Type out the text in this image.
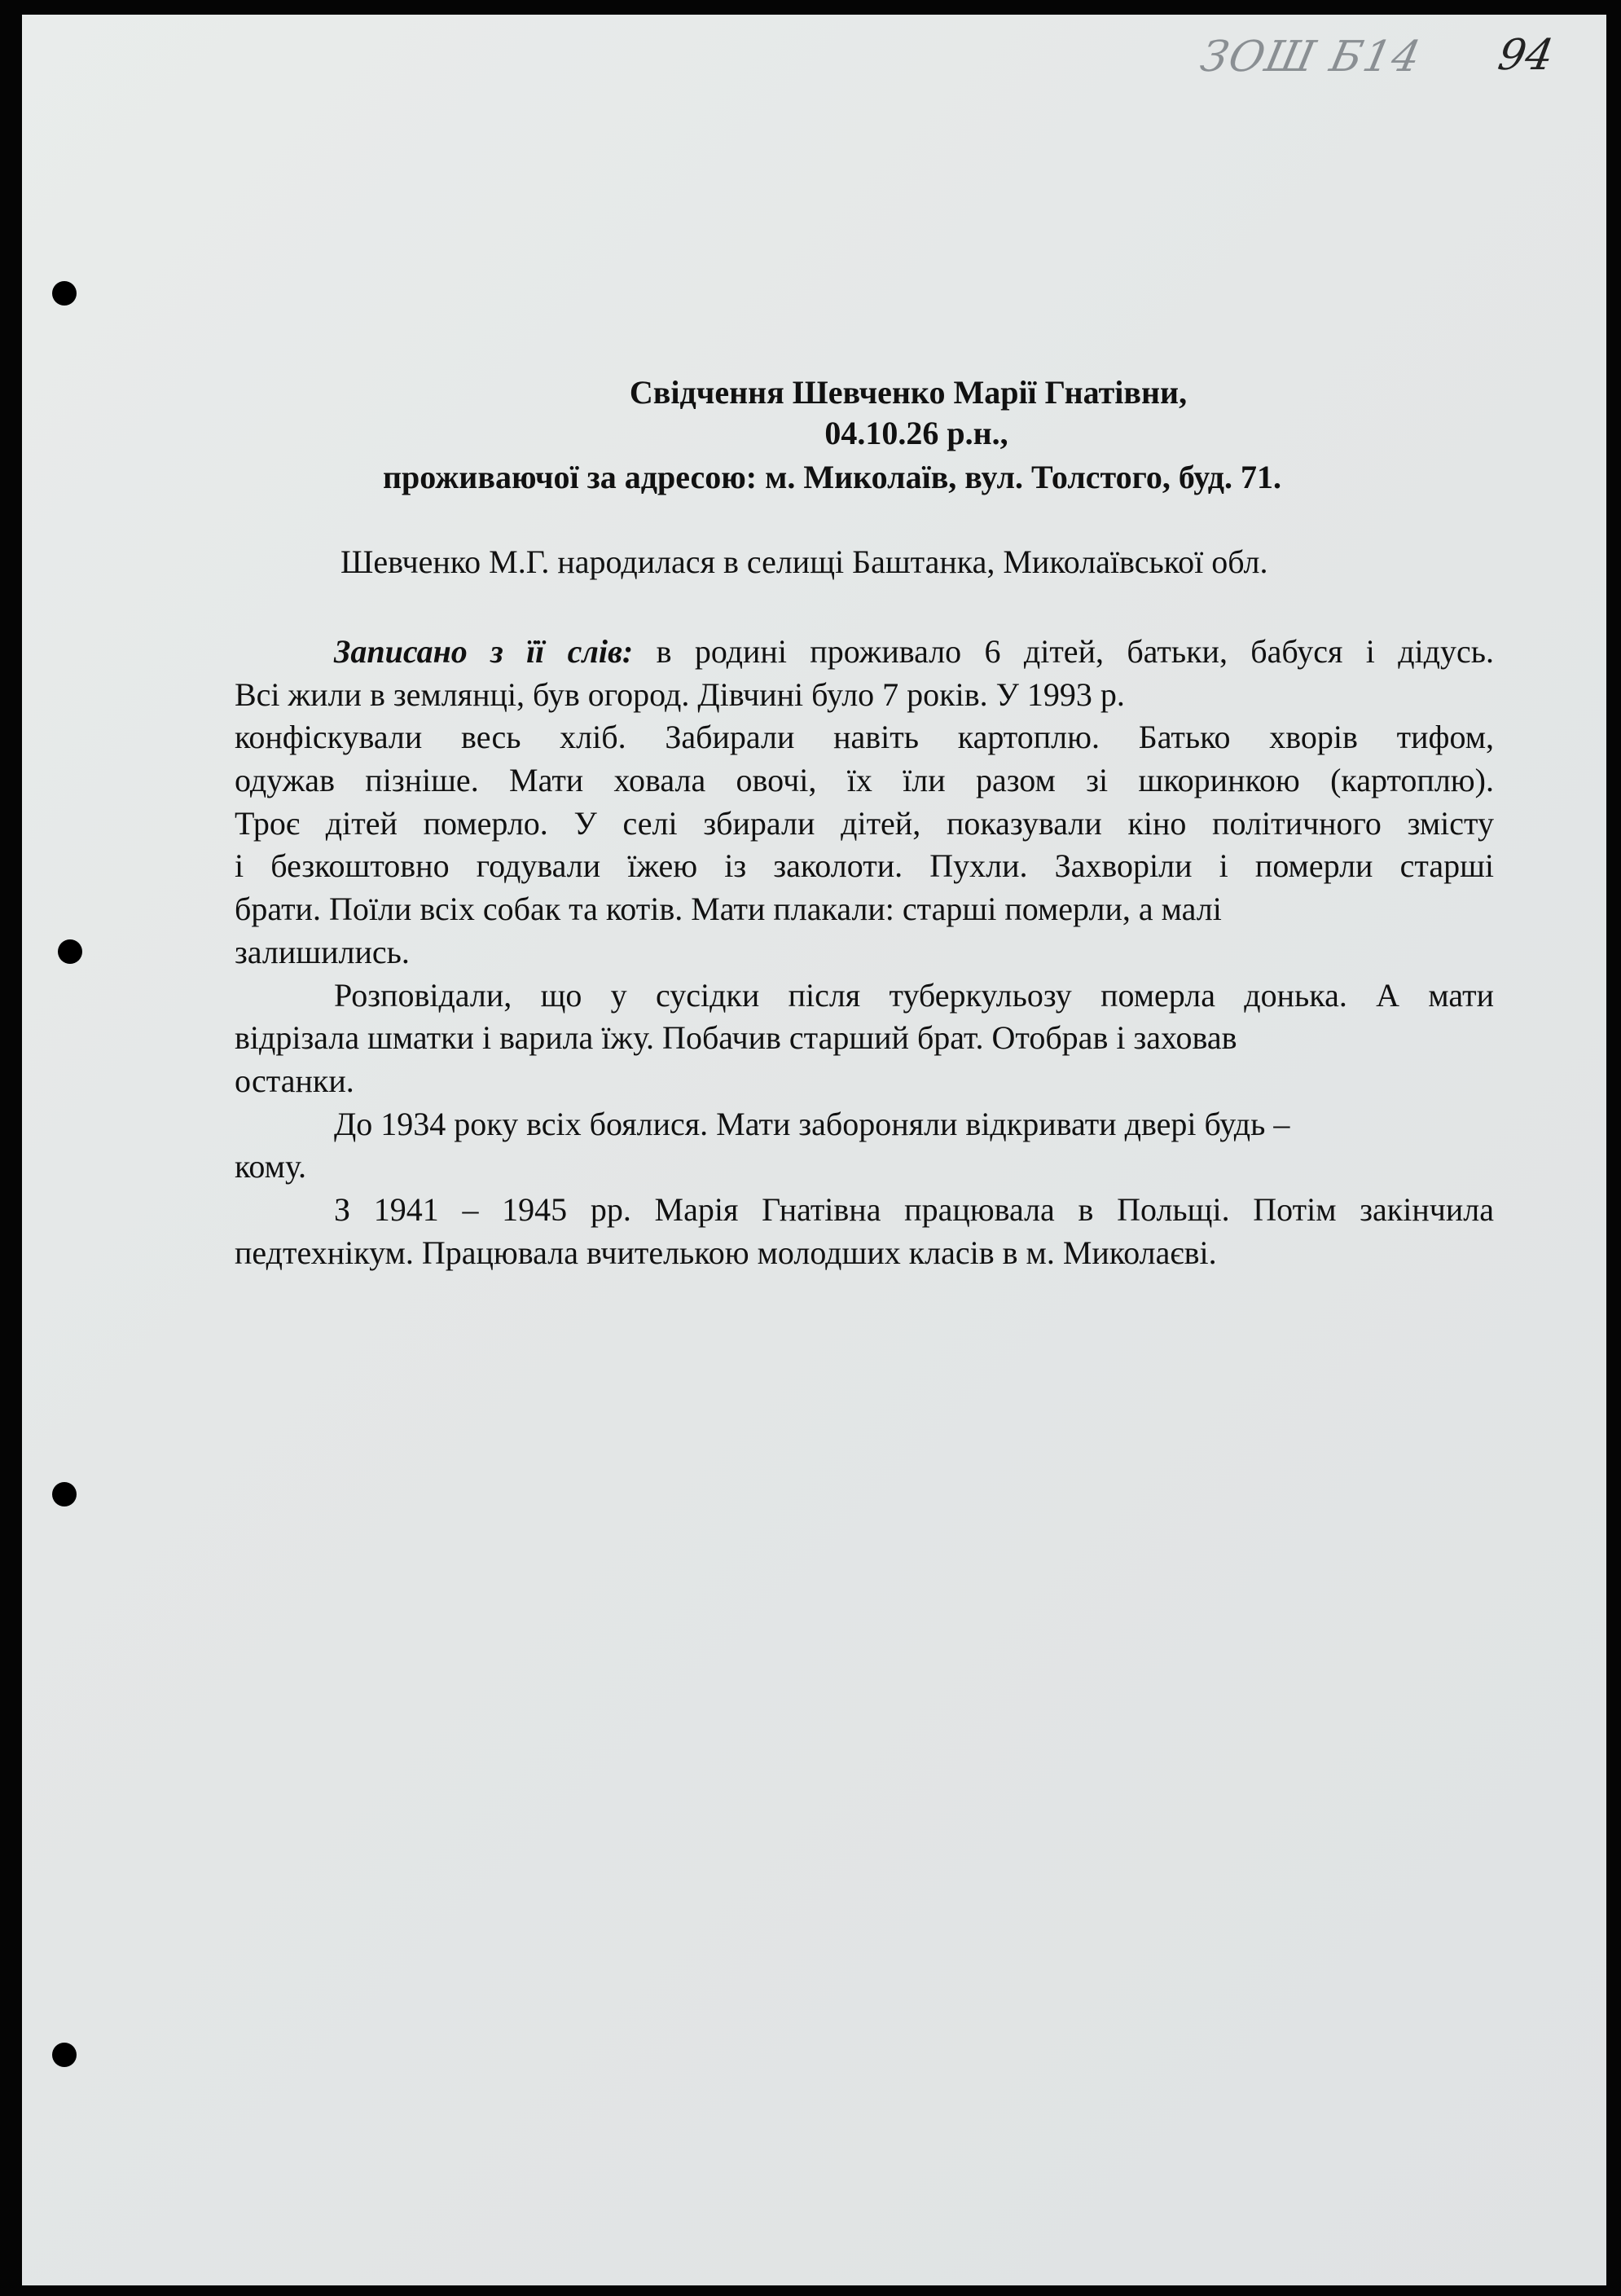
ЗОШ Б14 94
Свідчення Шевченко Марії Гнатівни,
04.10.26 р.н.,
проживаючої за адресою: м. Миколаїв, вул. Толстого, буд. 71.
Шевченко М.Г. народилася в селищі Баштанка, Миколаївської обл.
Записано з її слів: в родині проживало 6 дітей, батьки, бабуся і дідусь.
Всі жили в землянці, був огород. Дівчині було 7 років. У 1993 р.
конфіскували весь хліб. Забирали навіть картоплю. Батько хворів тифом,
одужав пізніше. Мати ховала овочі, їх їли разом зі шкоринкою (картоплю).
Троє дітей померло. У селі збирали дітей, показували кіно політичного змісту
і безкоштовно годували їжею із заколоти. Пухли. Захворіли і померли старші
брати. Поїли всіх собак та котів. Мати плакали: старші померли, а малі
залишились.
Розповідали, що у сусідки після туберкульозу померла донька. А мати
відрізала шматки і варила їжу. Побачив старший брат. Отобрав і заховав
останки.
До 1934 року всіх боялися. Мати забороняли відкривати двері будь –
кому.
З 1941 – 1945 рр. Марія Гнатівна працювала в Польщі. Потім закінчила
педтехнікум. Працювала вчителькою молодших класів в м. Миколаєві.
